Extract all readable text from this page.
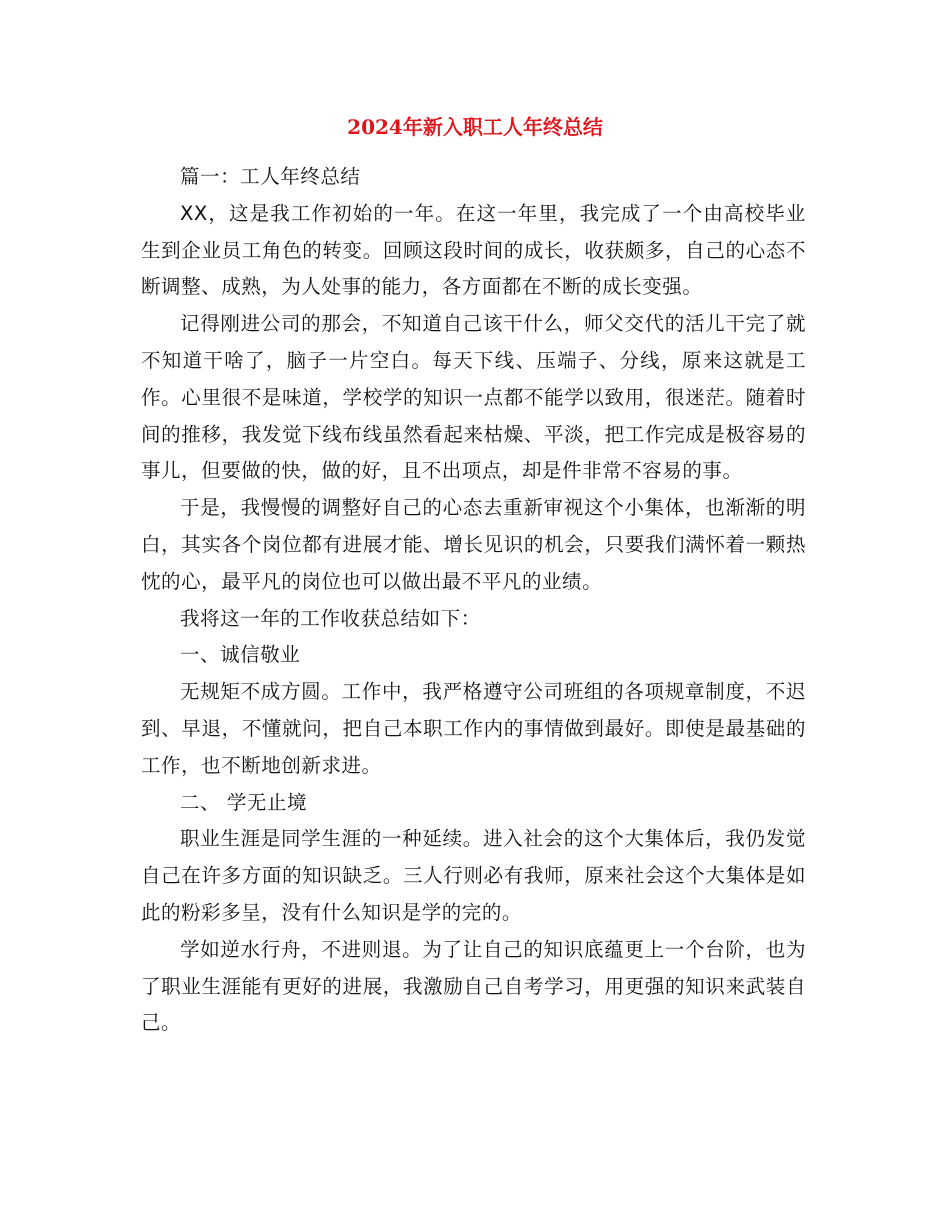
2024年新入职工人年终总结

篇一：工人年终总结

XX，这是我工作初始的一年。在这一年里，我完成了一个由高校毕业生到企业员工角色的转变。回顾这段时间的成长，收获颇多，自己的心态不断调整、成熟，为人处事的能力，各方面都在不断的成长变强。

记得刚进公司的那会，不知道自己该干什么，师父交代的活儿干完了就不知道干啥了，脑子一片空白。每天下线、压端子、分线，原来这就是工作。心里很不是味道，学校学的知识一点都不能学以致用，很迷茫。随着时间的推移，我发觉下线布线虽然看起来枯燥、平淡，把工作完成是极容易的事儿，但要做的快，做的好，且不出项点，却是件非常不容易的事。

于是，我慢慢的调整好自己的心态去重新审视这个小集体，也渐渐的明白，其实各个岗位都有进展才能、增长见识的机会，只要我们满怀着一颗热忱的心，最平凡的岗位也可以做出最不平凡的业绩。

我将这一年的工作收获总结如下：

一、诚信敬业

无规矩不成方圆。工作中，我严格遵守公司班组的各项规章制度，不迟到、早退，不懂就问，把自己本职工作内的事情做到最好。即使是最基础的工作，也不断地创新求进。

二、 学无止境

职业生涯是同学生涯的一种延续。进入社会的这个大集体后，我仍发觉自己在许多方面的知识缺乏。三人行则必有我师，原来社会这个大集体是如此的粉彩多呈，没有什么知识是学的完的。

学如逆水行舟，不进则退。为了让自己的知识底蕴更上一个台阶，也为了职业生涯能有更好的进展，我激励自己自考学习，用更强的知识来武装自己。
